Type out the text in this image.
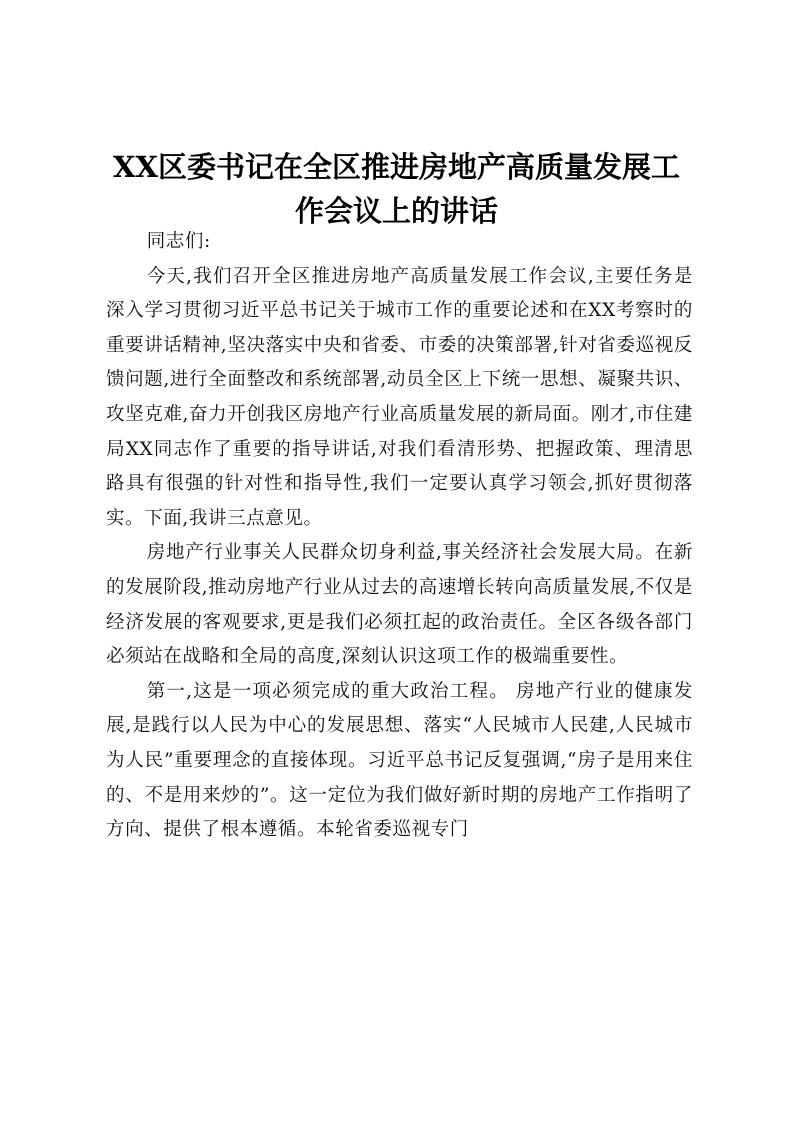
XX区委书记在全区推进房地产高质量发展工作会议上的讲话

同志们:

今天,我们召开全区推进房地产高质量发展工作会议,主要任务是深入学习贯彻习近平总书记关于城市工作的重要论述和在XX考察时的重要讲话精神,坚决落实中央和省委、市委的决策部署,针对省委巡视反馈问题,进行全面整改和系统部署,动员全区上下统一思想、凝聚共识、攻坚克难,奋力开创我区房地产行业高质量发展的新局面。刚才,市住建局XX同志作了重要的指导讲话,对我们看清形势、把握政策、理清思路具有很强的针对性和指导性,我们一定要认真学习领会,抓好贯彻落实。下面,我讲三点意见。

房地产行业事关人民群众切身利益,事关经济社会发展大局。在新的发展阶段,推动房地产行业从过去的高速增长转向高质量发展,不仅是经济发展的客观要求,更是我们必须扛起的政治责任。全区各级各部门必须站在战略和全局的高度,深刻认识这项工作的极端重要性。

第一,这是一项必须完成的重大政治工程。 房地产行业的健康发展,是践行以人民为中心的发展思想、落实“人民城市人民建,人民城市为人民”重要理念的直接体现。习近平总书记反复强调,“房子是用来住的、不是用来炒的”。这一定位为我们做好新时期的房地产工作指明了方向、提供了根本遵循。本轮省委巡视专门
